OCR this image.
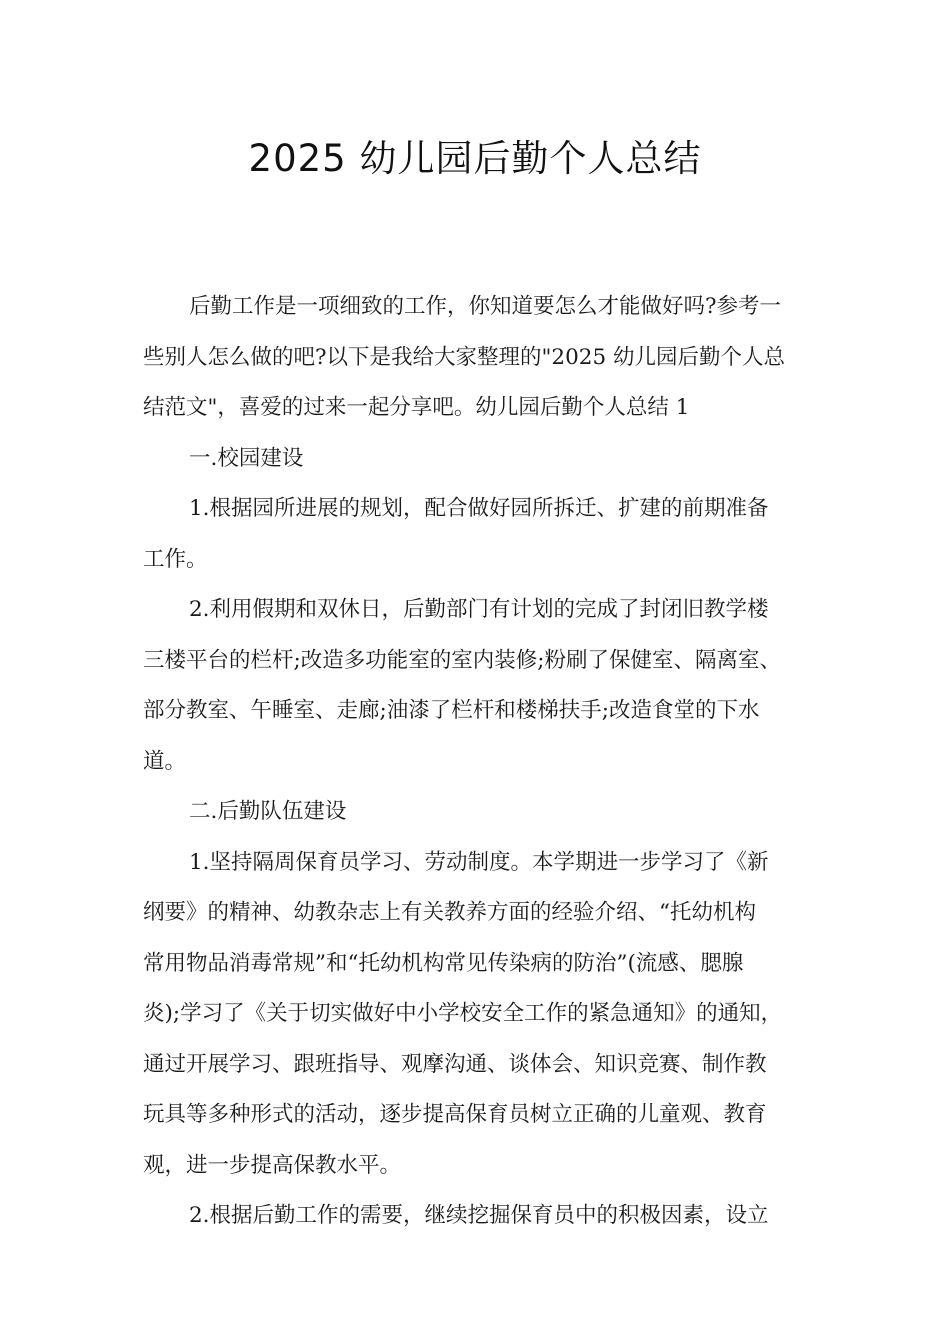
2025 幼儿园后勤个人总结
后勤工作是一项细致的工作，你知道要怎么才能做好吗?参考一
些别人怎么做的吧?以下是我给大家整理的"2025 幼儿园后勤个人总
结范文"，喜爱的过来一起分享吧。幼儿园后勤个人总结 1
一.校园建设
1.根据园所进展的规划，配合做好园所拆迁、扩建的前期准备
工作。
2.利用假期和双休日，后勤部门有计划的完成了封闭旧教学楼
三楼平台的栏杆;改造多功能室的室内装修;粉刷了保健室、隔离室、
部分教室、午睡室、走廊;油漆了栏杆和楼梯扶手;改造食堂的下水
道。
二.后勤队伍建设
1.坚持隔周保育员学习、劳动制度。本学期进一步学习了《新
纲要》的精神、幼教杂志上有关教养方面的经验介绍、“托幼机构
常用物品消毒常规”和“托幼机构常见传染病的防治”(流感、腮腺
炎);学习了《关于切实做好中小学校安全工作的紧急通知》的通知，
通过开展学习、跟班指导、观摩沟通、谈体会、知识竞赛、制作教
玩具等多种形式的活动，逐步提高保育员树立正确的儿童观、教育
观，进一步提高保教水平。
2.根据后勤工作的需要，继续挖掘保育员中的积极因素，设立
